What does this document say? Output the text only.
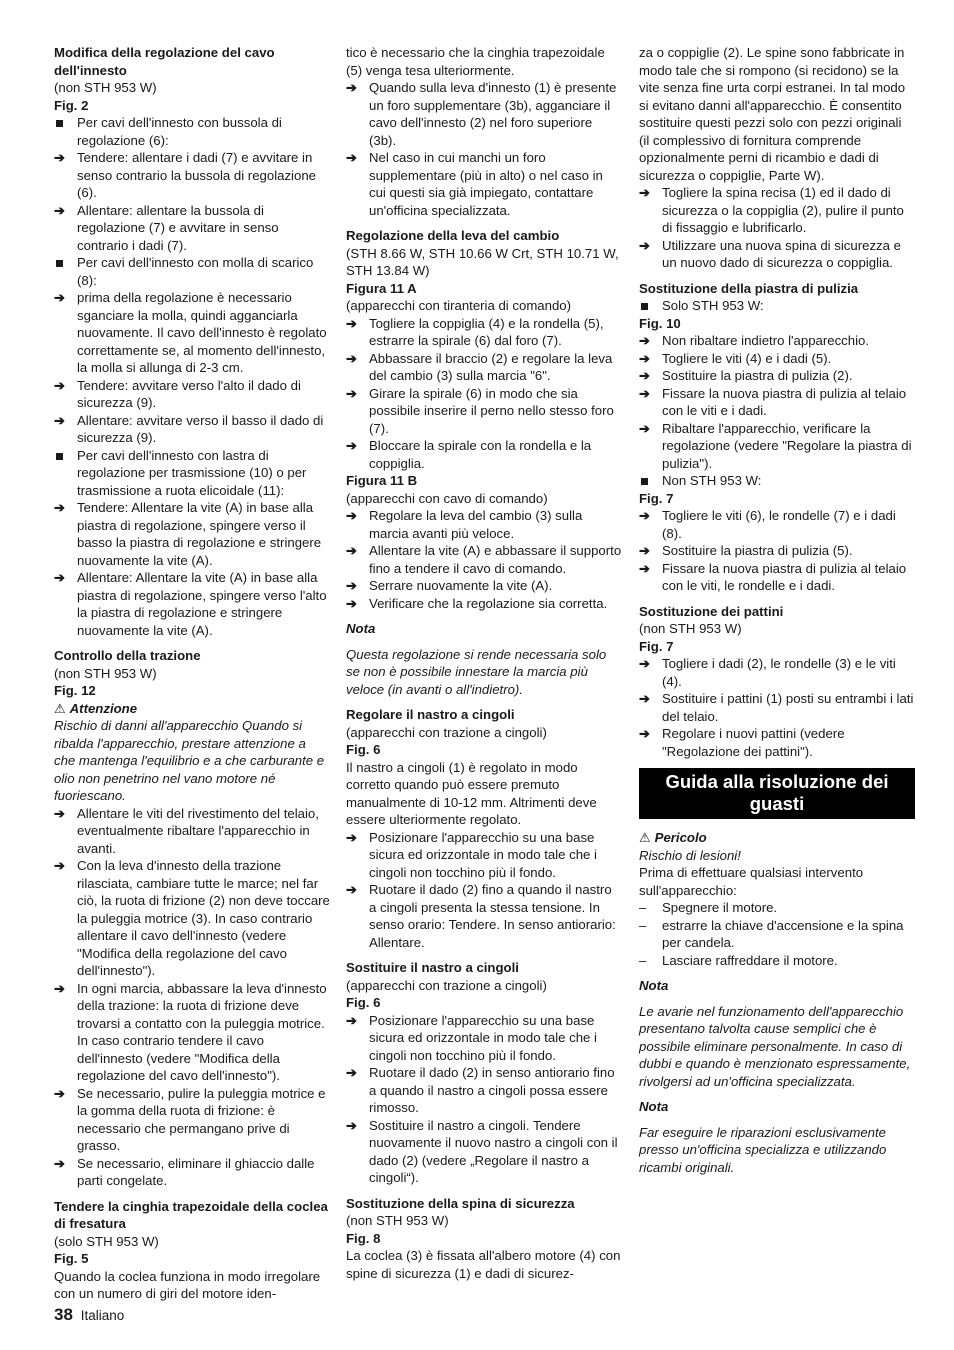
Modifica della regolazione del cavo dell'innesto
(non STH 953 W)
Fig. 2
Per cavi dell'innesto con bussola di regolazione (6):
➔ Tendere: allentare i dadi (7) e avvitare in senso contrario la bussola di regolazione (6).
➔ Allentare: allentare la bussola di regolazione (7) e avvitare in senso contrario i dadi (7).
Per cavi dell'innesto con molla di scarico (8):
➔ prima della regolazione è necessario sganciare la molla, quindi agganciarla nuovamente. Il cavo dell'innesto è regolato correttamente se, al momento dell'innesto, la molla si allunga di 2-3 cm.
➔ Tendere: avvitare verso l'alto il dado di sicurezza (9).
➔ Allentare: avvitare verso il basso il dado di sicurezza (9).
Per cavi dell'innesto con lastra di regolazione per trasmissione (10) o per trasmissione a ruota elicoidale (11):
➔ Tendere: Allentare la vite (A) in base alla piastra di regolazione, spingere verso il basso la piastra di regolazione e stringere nuovamente la vite (A).
➔ Allentare: Allentare la vite (A) in base alla piastra di regolazione, spingere verso l'alto la piastra di regolazione e stringere nuovamente la vite (A).
Controllo della trazione
(non STH 953 W)
Fig. 12
⚠ Attenzione
Rischio di danni all'apparecchio Quando si ribalda l'apparecchio, prestare attenzione a che mantenga l'equilibrio e a che carburante e olio non penetrino nel vano motore né fuoriescano.
➔ Allentare le viti del rivestimento del telaio, eventualmente ribaltare l'apparecchio in avanti.
➔ Con la leva d'innesto della trazione rilasciata, cambiare tutte le marce; nel far ciò, la ruota di frizione (2) non deve toccare la puleggia motrice (3). In caso contrario allentare il cavo dell'innesto (vedere "Modifica della regolazione del cavo dell'innesto").
➔ In ogni marcia, abbassare la leva d'innesto della trazione: la ruota di frizione deve trovarsi a contatto con la puleggia motrice. In caso contrario tendere il cavo dell'innesto (vedere "Modifica della regolazione del cavo dell'innesto").
➔ Se necessario, pulire la puleggia motrice e la gomma della ruota di frizione: è necessario che permangano prive di grasso.
➔ Se necessario, eliminare il ghiaccio dalle parti congelate.
Tendere la cinghia trapezoidale della coclea di fresatura
(solo STH 953 W)
Fig. 5
Quando la coclea funziona in modo irregolare con un numero di giri del motore iden-
tico è necessario che la cinghia trapezoidale (5) venga tesa ulteriormente.
➔ Quando sulla leva d'innesto (1) è presente un foro supplementare (3b), agganciare il cavo dell'innesto (2) nel foro superiore (3b).
➔ Nel caso in cui manchi un foro supplementare (più in alto) o nel caso in cui questi sia già impiegato, contattare un'officina specializzata.
Regolazione della leva del cambio
(STH 8.66 W, STH 10.66 W Crt, STH 10.71 W, STH 13.84 W)
Figura 11 A
(apparecchi con tiranteria di comando)
➔ Togliere la coppiglia (4) e la rondella (5), estrarre la spirale (6) dal foro (7).
➔ Abbassare il braccio (2) e regolare la leva del cambio (3) sulla marcia "6".
➔ Girare la spirale (6) in modo che sia possibile inserire il perno nello stesso foro (7).
➔ Bloccare la spirale con la rondella e la coppiglia.
Figura 11 B
(apparecchi con cavo di comando)
➔ Regolare la leva del cambio (3) sulla marcia avanti più veloce.
➔ Allentare la vite (A) e abbassare il supporto fino a tendere il cavo di comando.
➔ Serrare nuovamente la vite (A).
➔ Verificare che la regolazione sia corretta.
Nota
Questa regolazione si rende necessaria solo se non è possibile innestare la marcia più veloce (in avanti o all'indietro).
Regolare il nastro a cingoli
(apparecchi con trazione a cingoli)
Fig. 6
Il nastro a cingoli (1) è regolato in modo corretto quando può essere premuto manualmente di 10-12 mm. Altrimenti deve essere ulteriormente regolato.
➔ Posizionare l'apparecchio su una base sicura ed orizzontale in modo tale che i cingoli non tocchino più il fondo.
➔ Ruotare il dado (2) fino a quando il nastro a cingoli presenta la stessa tensione. In senso orario: Tendere. In senso antiorario: Allentare.
Sostituire il nastro a cingoli
(apparecchi con trazione a cingoli)
Fig. 6
➔ Posizionare l'apparecchio su una base sicura ed orizzontale in modo tale che i cingoli non tocchino più il fondo.
➔ Ruotare il dado (2) in senso antiorario fino a quando il nastro a cingoli possa essere rimosso.
➔ Sostituire il nastro a cingoli. Tendere nuovamente il nuovo nastro a cingoli con il dado (2) (vedere „Regolare il nastro a cingoli“).
Sostituzione della spina di sicurezza
(non STH 953 W)
Fig. 8
La coclea (3) è fissata all'albero motore (4) con spine di sicurezza (1) e dadi di sicurez-
za o coppiglie (2). Le spine sono fabbricate in modo tale che si rompono (si recidono) se la vite senza fine urta corpi estranei. In tal modo si evitano danni all'apparecchio. È consentito sostituire questi pezzi solo con pezzi originali (il complessivo di fornitura comprende opzionalmente perni di ricambio e dadi di sicurezza o coppiglie, Parte W).
➔ Togliere la spina recisa (1) ed il dado di sicurezza o la coppiglia (2), pulire il punto di fissaggio e lubrificarlo.
➔ Utilizzare una nuova spina di sicurezza e un nuovo dado di sicurezza o coppiglia.
Sostituzione della piastra di pulizia
Solo STH 953 W:
Fig. 10
➔ Non ribaltare indietro l'apparecchio.
➔ Togliere le viti (4) e i dadi (5).
➔ Sostituire la piastra di pulizia (2).
➔ Fissare la nuova piastra di pulizia al telaio con le viti e i dadi.
➔ Ribaltare l'apparecchio, verificare la regolazione (vedere "Regolare la piastra di pulizia").
Non STH 953 W:
Fig. 7
➔ Togliere le viti (6), le rondelle (7) e i dadi (8).
➔ Sostituire la piastra di pulizia (5).
➔ Fissare la nuova piastra di pulizia al telaio con le viti, le rondelle e i dadi.
Sostituzione dei pattini
(non STH 953 W)
Fig. 7
➔ Togliere i dadi (2), le rondelle (3) e le viti (4).
➔ Sostituire i pattini (1) posti su entrambi i lati del telaio.
➔ Regolare i nuovi pattini (vedere "Regolazione dei pattini").
Guida alla risoluzione dei guasti
⚠ Pericolo
Rischio di lesioni!
Prima di effettuare qualsiasi intervento sull'apparecchio:
–	Spegnere il motore.
–	estrarre la chiave d'accensione e la spina per candela.
–	Lasciare raffreddare il motore.
Nota
Le avarie nel funzionamento dell'apparecchio presentano talvolta cause semplici che è possibile eliminare personalmente. In caso di dubbi e quando è menzionato espressamente, rivolgersi ad un'officina specializzata.
Nota
Far eseguire le riparazioni esclusivamente presso un'officina specializza e utilizzando ricambi originali.
38 Italiano
